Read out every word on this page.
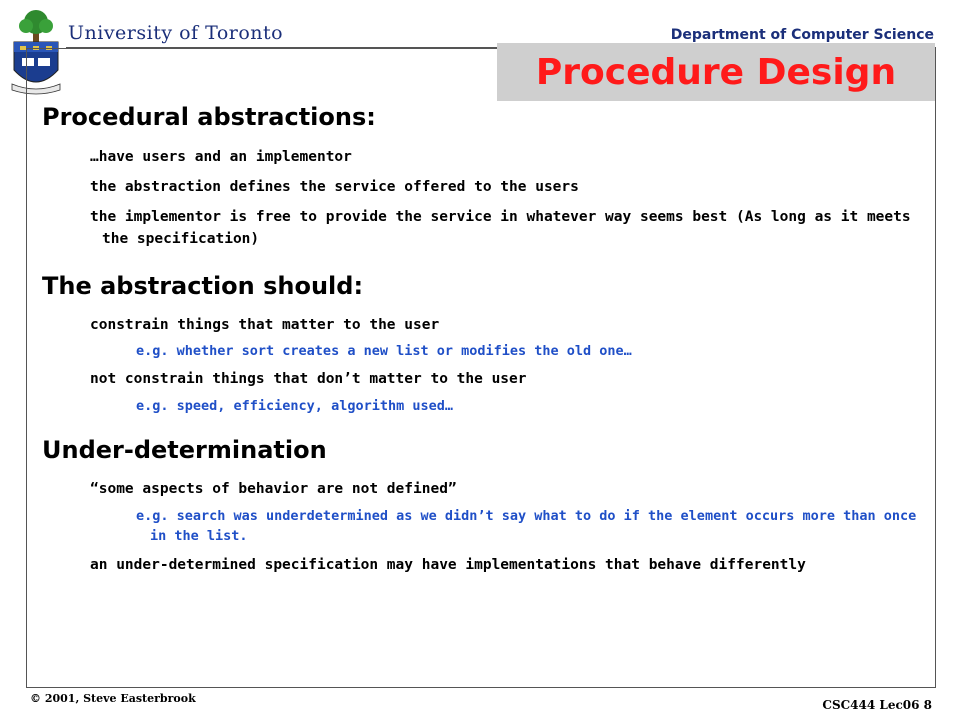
University of Toronto	Department of Computer Science
Procedure Design
Procedural abstractions:
…have users and an implementor
the abstraction defines the service offered to the users
the implementor is free to provide the service in whatever way seems best (As long as it meets the specification)
The abstraction should:
constrain things that matter to the user
e.g. whether sort creates a new list or modifies the old one…
not constrain things that don’t matter to the user
e.g. speed, efficiency, algorithm used…
Under-determination
“some aspects of behavior are not defined”
e.g. search was underdetermined as we didn’t say what to do if the element occurs more than once in the list.
an under-determined specification may have implementations that behave differently
© 2001, Steve Easterbrook	CSC444 Lec06 8
